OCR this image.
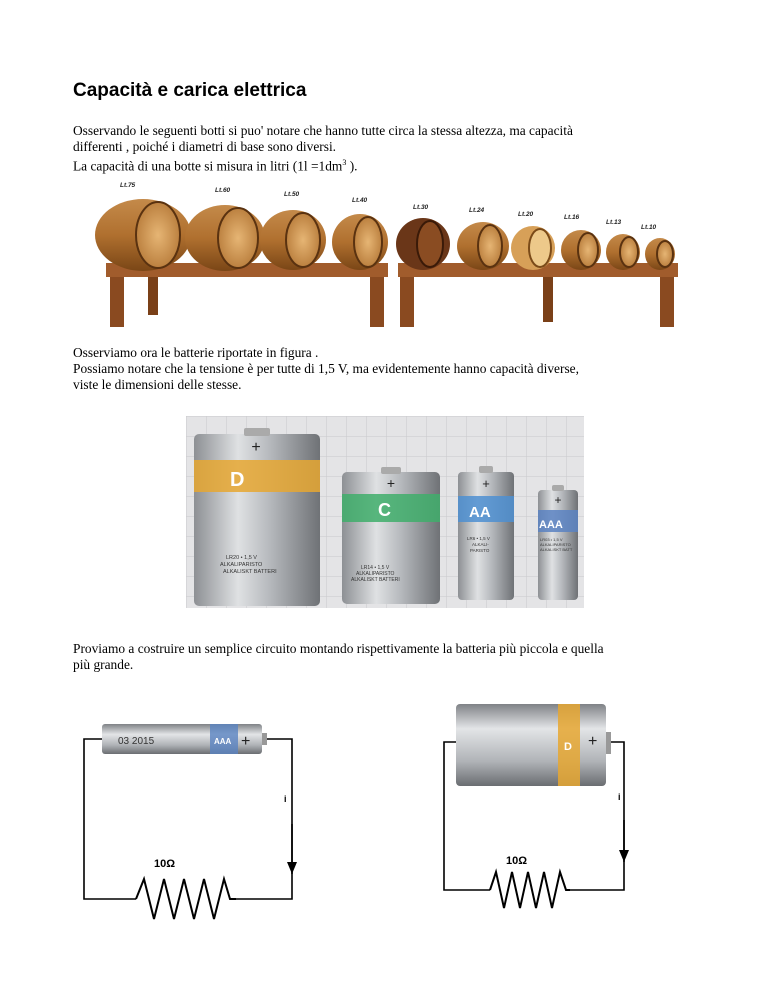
Capacità e carica elettrica
Osservando le seguenti botti si puo' notare che hanno tutte circa la stessa altezza, ma capacità
differenti , poiché i diametri di base sono diversi.
La capacità di una botte si misura in litri ($1l =1dm^3$ ).
Lt.75
Lt.60
Lt.50
Lt.40
Lt.30	Lt.24
Lt.20	Lt.16
Lt.13
Lt.10
Osserviamo ora le batterie riportate in figura .
Possiamo notare che la tensione è per tutte di 1,5 V, ma evidentemente hanno capacità diverse,
viste le dimensioni delle stesse.
+
D
LR20 • 1,5 V
ALKALIPARISTO
ALKALISKT BATTERI
+
C
LR14 • 1,5 V
ALKALIPARISTO
ALKALISKT BATTERI
+
AA
LR6 • 1,5 V
ALKALI-
PARISTO
+
AAA
LR03 • 1,5 V
ALKALIPARISTO
ALKALISKT BATT
Proviamo a costruire un semplice circuito montando rispettivamente la batteria più piccola e quella
più grande.
03 2015	AAA +
i
10Ω
D +
i
10Ω
